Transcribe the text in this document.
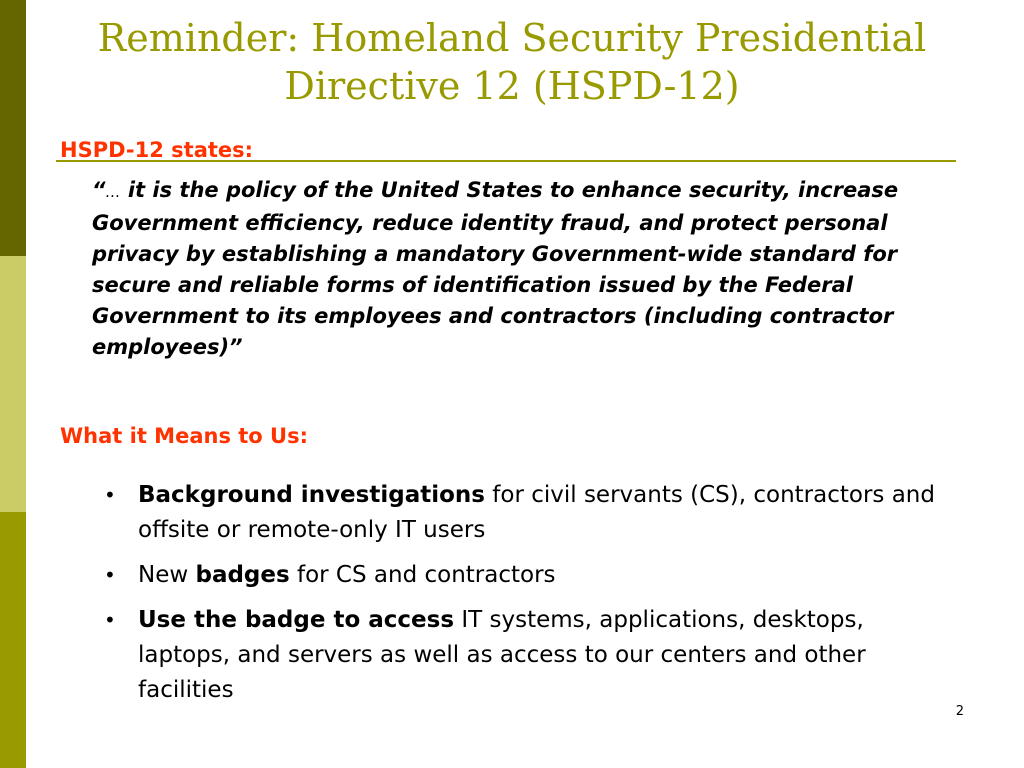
Reminder: Homeland Security Presidential
Directive 12 (HSPD-12)
HSPD-12 states:
“… it is the policy of the United States to enhance security, increase Government efficiency, reduce identity fraud, and protect personal privacy by establishing a mandatory Government-wide standard for secure and reliable forms of identification issued by the Federal Government to its employees and contractors (including contractor employees)”
What it Means to Us:
• Background investigations for civil servants (CS), contractors and offsite or remote-only IT users
• New badges for CS and contractors
• Use the badge to access IT systems, applications, desktops, laptops, and servers as well as access to our centers and other facilities
2
